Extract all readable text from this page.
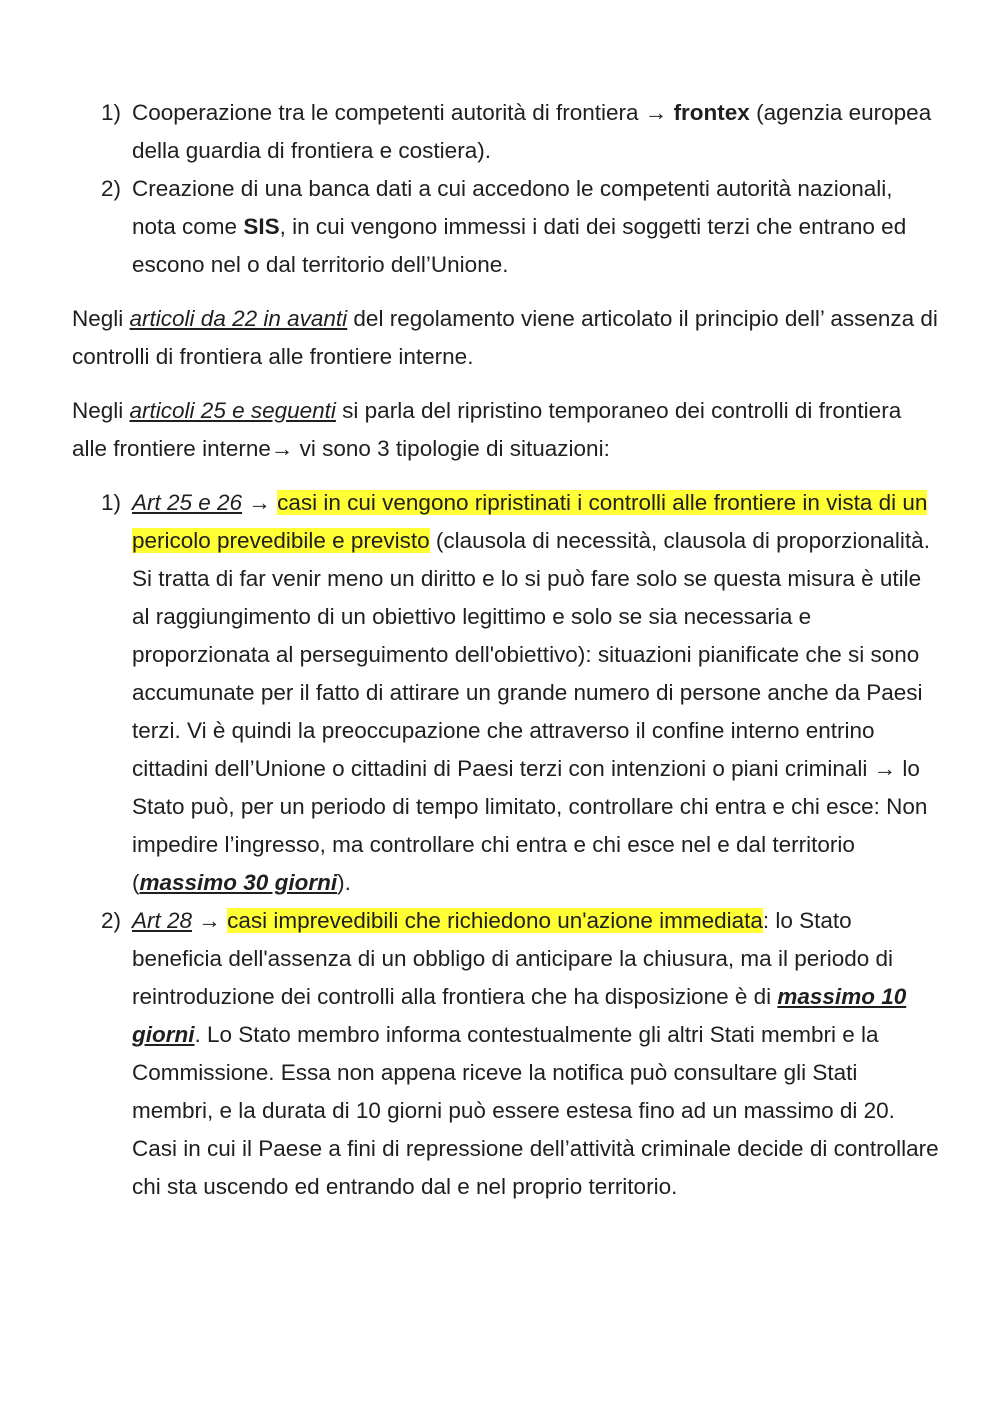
1) Cooperazione tra le competenti autorità di frontiera → frontex (agenzia europea della guardia di frontiera e costiera).
2) Creazione di una banca dati a cui accedono le competenti autorità nazionali, nota come SIS, in cui vengono immessi i dati dei soggetti terzi che entrano ed escono nel o dal territorio dell’Unione.

Negli articoli da 22 in avanti del regolamento viene articolato il principio dell’ assenza di controlli di frontiera alle frontiere interne.

Negli articoli 25 e seguenti si parla del ripristino temporaneo dei controlli di frontiera alle frontiere interne→ vi sono 3 tipologie di situazioni:

1) Art 25 e 26 → casi in cui vengono ripristinati i controlli alle frontiere in vista di un pericolo prevedibile e previsto (clausola di necessità, clausola di proporzionalità. Si tratta di far venir meno un diritto e lo si può fare solo se questa misura è utile al raggiungimento di un obiettivo legittimo e solo se sia necessaria e proporzionata al perseguimento dell'obiettivo): situazioni pianificate che si sono accumunate per il fatto di attirare un grande numero di persone anche da Paesi terzi. Vi è quindi la preoccupazione che attraverso il confine interno entrino cittadini dell’Unione o cittadini di Paesi terzi con intenzioni o piani criminali → lo Stato può, per un periodo di tempo limitato, controllare chi entra e chi esce: Non impedire l’ingresso, ma controllare chi entra e chi esce nel e dal territorio (massimo 30 giorni).
2) Art 28 → casi imprevedibili che richiedono un'azione immediata: lo Stato beneficia dell'assenza di un obbligo di anticipare la chiusura, ma il periodo di reintroduzione dei controlli alla frontiera che ha disposizione è di massimo 10 giorni. Lo Stato membro informa contestualmente gli altri Stati membri e la Commissione. Essa non appena riceve la notifica può consultare gli Stati membri, e la durata di 10 giorni può essere estesa fino ad un massimo di 20. Casi in cui il Paese a fini di repressione dell’attività criminale decide di controllare chi sta uscendo ed entrando dal e nel proprio territorio.
